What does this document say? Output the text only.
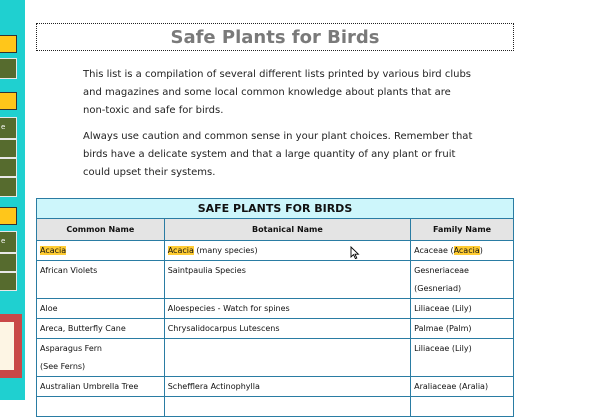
e
e
Safe Plants for Birds

This list is a compilation of several different lists printed by various bird clubs and magazines and some local common knowledge about plants that are non-toxic and safe for birds.

Always use caution and common sense in your plant choices. Remember that birds have a delicate system and that a large quantity of any plant or fruit could upset their systems.

SAFE PLANTS FOR BIRDS		
Common Name	Botanical Name	Family Name
Acacia	Acacia (many species)	Acaceae (Acacia)
African Violets	Saintpaulia Species	Gesneriaceae
(Gesneriad)

Aloe	Aloespecies - Watch for spines	Liliaceae (Lily)
Areca, Butterfly Cane	Chrysalidocarpus Lutescens	Palmae (Palm)

Asparagus Fern
(See Ferns)		Liliaceae (Lily)
Australian Umbrella Tree	Schefflera Actinophylla	Araliaceae (Aralia)
